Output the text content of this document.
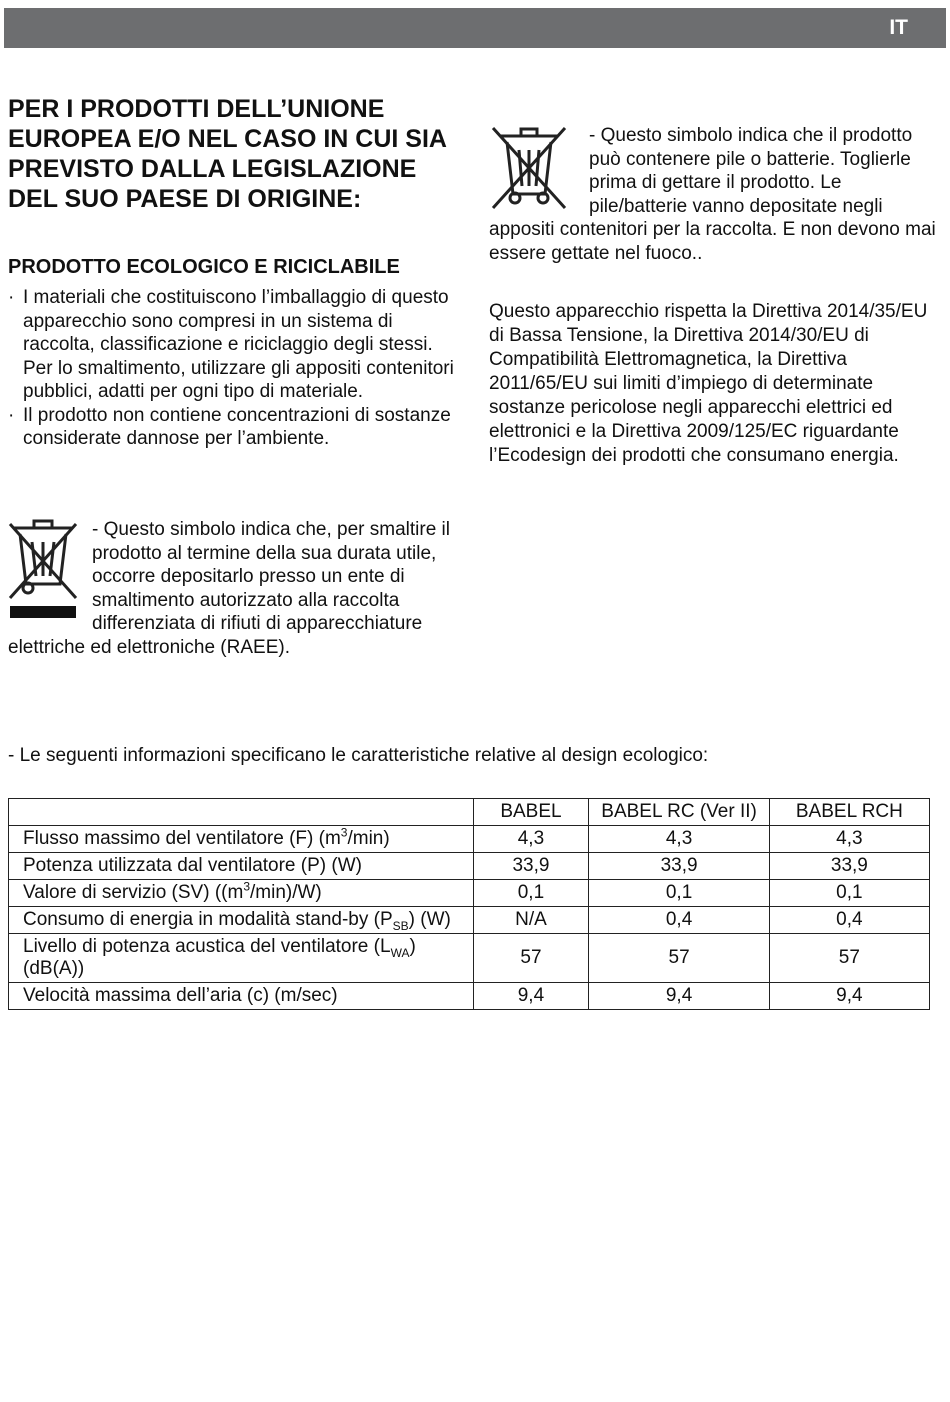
IT
PER I PRODOTTI DELL’UNIONE EUROPEA E/O NEL CASO IN CUI SIA PREVISTO DALLA LEGISLAZIONE DEL SUO PAESE DI ORIGINE:
PRODOTTO ECOLOGICO E RICICLABILE
· I materiali che costituiscono l’imballaggio di questo apparecchio sono compresi in un sistema di raccolta, classificazione e riciclaggio degli stessi. Per lo smaltimento, utilizzare gli appositi contenitori pubblici, adatti per ogni tipo di materiale.
· Il prodotto non contiene concentrazioni di sostanze considerate dannose per l’ambiente.
- Questo simbolo indica che, per smaltire il prodotto al termine della sua durata utile, occorre depositarlo presso un ente di smaltimento autorizzato alla raccolta differenziata di rifiuti di apparecchiature elettriche ed elettroniche (RAEE).
- Questo simbolo indica che il prodotto può contenere pile o batterie. Toglierle prima di gettare il prodotto. Le pile/batterie vanno depositate negli appositi contenitori per la raccolta. E non devono mai essere gettate nel fuoco..

Questo apparecchio rispetta la Direttiva 2014/35/EU di Bassa Tensione, la Direttiva 2014/30/EU di Compatibilità Elettromagnetica, la Direttiva 2011/65/EU sui limiti d’impiego di determinate sostanze pericolose negli apparecchi elettrici ed elettronici e la Direttiva 2009/125/EC riguardante l’Ecodesign dei prodotti che consumano energia.

- Le seguenti informazioni specificano le caratteristiche relative al design ecologico:

	BABEL	BABEL RC (Ver II)	BABEL RCH
Flusso massimo del ventilatore (F) $(m^3/\min)$	4,3	4,3	4,3
Potenza utilizzata dal ventilatore (P) (W)	33,9	33,9	33,9
Valore di servizio (SV) $((m^3/\min)/W)$	0,1	0,1	0,1
Consumo di energia in modalità stand-by $(P_{SB})$ (W)	N/A	0,4	0,4
Livello di potenza acustica del ventilatore $(L_{WA})$ (dB(A))	57	57	57
Velocità massima dell’aria (c) (m/sec)	9,4	9,4	9,4
